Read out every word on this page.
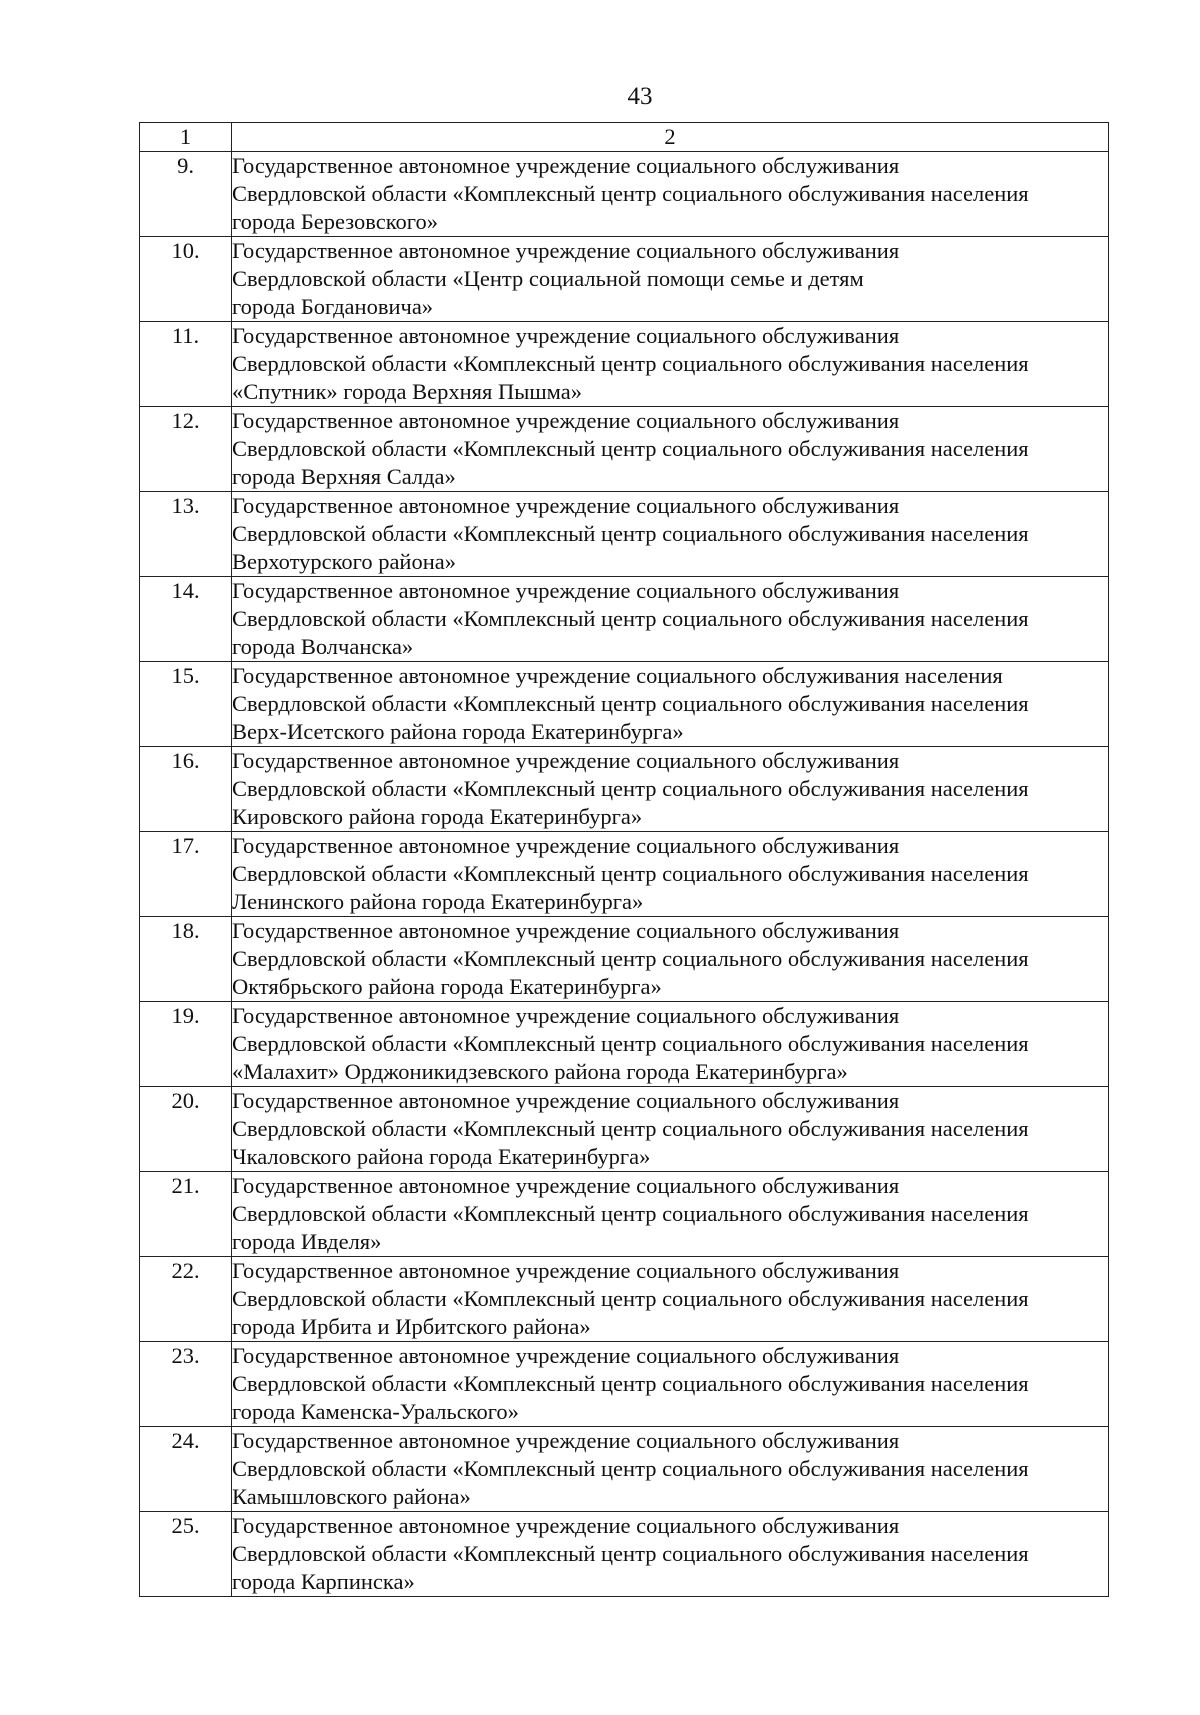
43
1	2
9.	Государственное автономное учреждение социального обслуживания
Свердловской области «Комплексный центр социального обслуживания населения
города Березовского»

10.	Государственное автономное учреждение социального обслуживания
Свердловской области «Центр социальной помощи семье и детям
города Богдановича»

11.	Государственное автономное учреждение социального обслуживания
Свердловской области «Комплексный центр социального обслуживания населения
«Спутник» города Верхняя Пышма»

12.	Государственное автономное учреждение социального обслуживания
Свердловской области «Комплексный центр социального обслуживания населения
города Верхняя Салда»

13.	Государственное автономное учреждение социального обслуживания
Свердловской области «Комплексный центр социального обслуживания населения
Верхотурского района»

14.	Государственное автономное учреждение социального обслуживания
Свердловской области «Комплексный центр социального обслуживания населения
города Волчанска»

15.	Государственное автономное учреждение социального обслуживания населения
Свердловской области «Комплексный центр социального обслуживания населения
Верх-Исетского района города Екатеринбурга»

16.	Государственное автономное учреждение социального обслуживания
Свердловской области «Комплексный центр социального обслуживания населения
Кировского района города Екатеринбурга»

17.	Государственное автономное учреждение социального обслуживания
Свердловской области «Комплексный центр социального обслуживания населения
Ленинского района города Екатеринбурга»

18.	Государственное автономное учреждение социального обслуживания
Свердловской области «Комплексный центр социального обслуживания населения
Октябрьского района города Екатеринбурга»

19.	Государственное автономное учреждение социального обслуживания
Свердловской области «Комплексный центр социального обслуживания населения
«Малахит» Орджоникидзевского района города Екатеринбурга»

20.	Государственное автономное учреждение социального обслуживания
Свердловской области «Комплексный центр социального обслуживания населения
Чкаловского района города Екатеринбурга»

21.	Государственное автономное учреждение социального обслуживания
Свердловской области «Комплексный центр социального обслуживания населения
города Ивделя»

22.	Государственное автономное учреждение социального обслуживания
Свердловской области «Комплексный центр социального обслуживания населения
города Ирбита и Ирбитского района»

23.	Государственное автономное учреждение социального обслуживания
Свердловской области «Комплексный центр социального обслуживания населения
города Каменска-Уральского»

24.	Государственное автономное учреждение социального обслуживания
Свердловской области «Комплексный центр социального обслуживания населения
Камышловского района»

25.	Государственное автономное учреждение социального обслуживания
Свердловской области «Комплексный центр социального обслуживания населения
города Карпинска»
